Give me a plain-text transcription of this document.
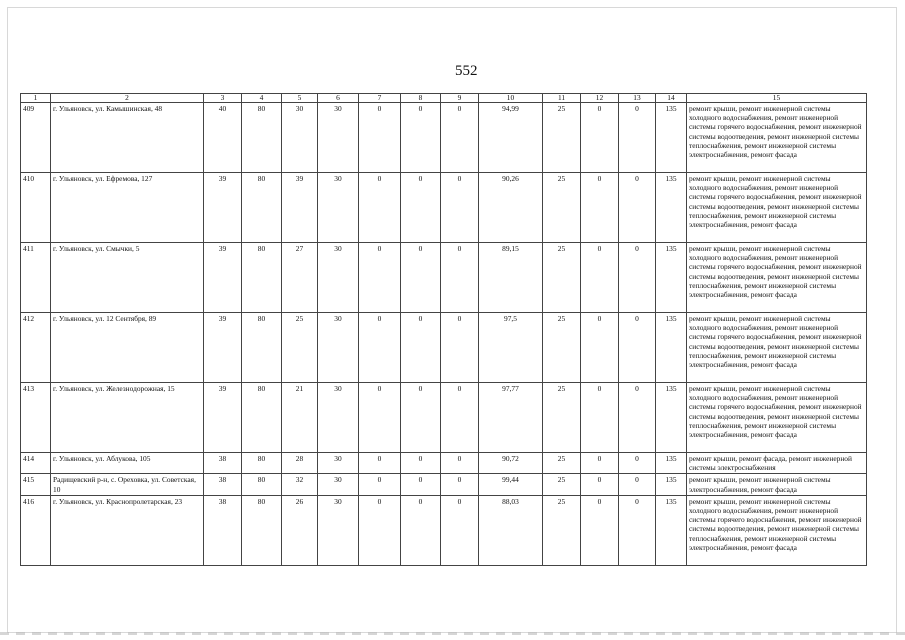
552
1	2	3	4	5	6	7	8	9	10	11	12	13	14	15
409	г. Ульяновск, ул. Камышинская, 48	40	80	30	30	0	0	0	94,99	25	0	0	135	ремонт крыши, ремонт инженерной системы холодного водоснабжения, ремонт инженерной системы горячего водоснабжения, ремонт инженерной системы водоотведения, ремонт инженерной системы теплоснабжения, ремонт инженерной системы электроснабжения, ремонт фасада
410	г. Ульяновск, ул. Ефремова, 127	39	80	39	30	0	0	0	90,26	25	0	0	135	ремонт крыши, ремонт инженерной системы холодного водоснабжения, ремонт инженерной системы горячего водоснабжения, ремонт инженерной системы водоотведения, ремонт инженерной системы теплоснабжения, ремонт инженерной системы электроснабжения, ремонт фасада
411	г. Ульяновск, ул. Смычки, 5	39	80	27	30	0	0	0	89,15	25	0	0	135	ремонт крыши, ремонт инженерной системы холодного водоснабжения, ремонт инженерной системы горячего водоснабжения, ремонт инженерной системы водоотведения, ремонт инженерной системы теплоснабжения, ремонт инженерной системы электроснабжения, ремонт фасада
412	г. Ульяновск, ул. 12 Сентября, 89	39	80	25	30	0	0	0	97,5	25	0	0	135	ремонт крыши, ремонт инженерной системы холодного водоснабжения, ремонт инженерной системы горячего водоснабжения, ремонт инженерной системы водоотведения, ремонт инженерной системы теплоснабжения, ремонт инженерной системы электроснабжения, ремонт фасада
413	г. Ульяновск, ул. Железнодорожная, 15	39	80	21	30	0	0	0	97,77	25	0	0	135	ремонт крыши, ремонт инженерной системы холодного водоснабжения, ремонт инженерной системы горячего водоснабжения, ремонт инженерной системы водоотведения, ремонт инженерной системы теплоснабжения, ремонт инженерной системы электроснабжения, ремонт фасада
414	г. Ульяновск, ул. Аблукова, 105	38	80	28	30	0	0	0	90,72	25	0	0	135	ремонт крыши, ремонт фасада, ремонт инженерной системы электроснабжения
415	Радищевский р-н, с. Ореховка, ул. Советская, 10	38	80	32	30	0	0	0	99,44	25	0	0	135	ремонт крыши, ремонт инженерной системы электроснабжения, ремонт фасада
416	г. Ульяновск, ул. Краснопролетарская, 23	38	80	26	30	0	0	0	88,03	25	0	0	135	ремонт крыши, ремонт инженерной системы холодного водоснабжения, ремонт инженерной системы горячего водоснабжения, ремонт инженерной системы водоотведения, ремонт инженерной системы теплоснабжения, ремонт инженерной системы электроснабжения, ремонт фасада
